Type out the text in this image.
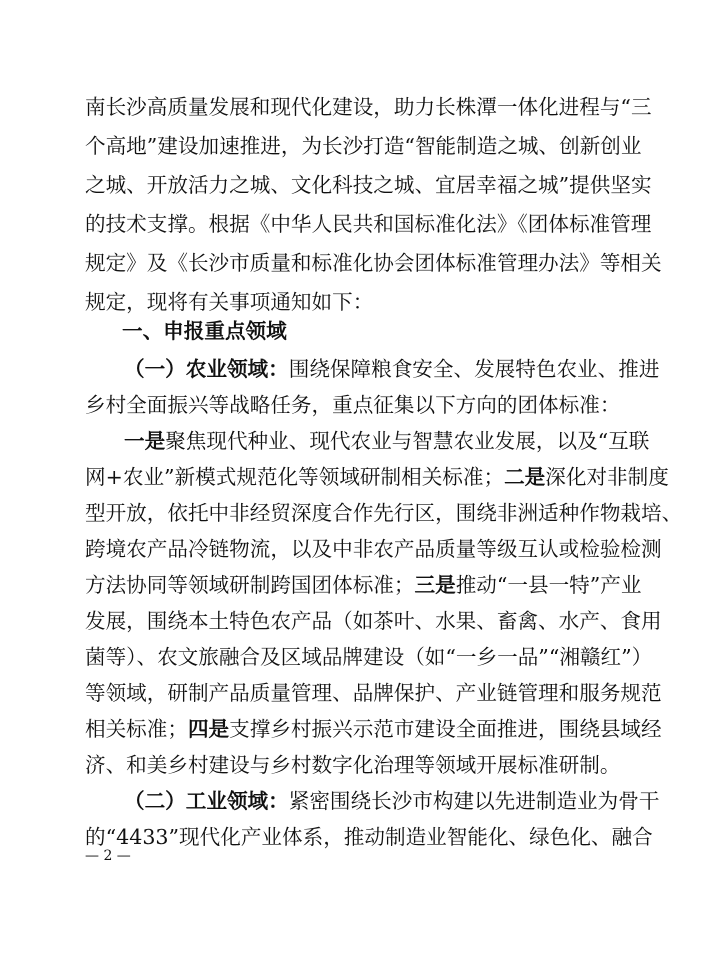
南长沙高质量发展和现代化建设，助力长株潭一体化进程与“三
个高地”建设加速推进，为长沙打造“智能制造之城、创新创业
之城、开放活力之城、文化科技之城、宜居幸福之城”提供坚实
的技术支撑。根据《中华人民共和国标准化法》《团体标准管理
规定》及《长沙市质量和标准化协会团体标准管理办法》等相关
规定，现将有关事项通知如下：
一、申报重点领域
（一）农业领域：围绕保障粮食安全、发展特色农业、推进
乡村全面振兴等战略任务，重点征集以下方向的团体标准：
一是聚焦现代种业、现代农业与智慧农业发展，以及“互联
网+农业”新模式规范化等领域研制相关标准；二是深化对非制度
型开放，依托中非经贸深度合作先行区，围绕非洲适种作物栽培、
跨境农产品冷链物流，以及中非农产品质量等级互认或检验检测
方法协同等领域研制跨国团体标准；三是推动“一县一特”产业
发展，围绕本土特色农产品（如茶叶、水果、畜禽、水产、食用
菌等）、农文旅融合及区域品牌建设（如“一乡一品”“湘赣红”）
等领域，研制产品质量管理、品牌保护、产业链管理和服务规范
相关标准；四是支撑乡村振兴示范市建设全面推进，围绕县域经
济、和美乡村建设与乡村数字化治理等领域开展标准研制。
（二）工业领域：紧密围绕长沙市构建以先进制造业为骨干
的“4433”现代化产业体系，推动制造业智能化、绿色化、融合
— 2 —
